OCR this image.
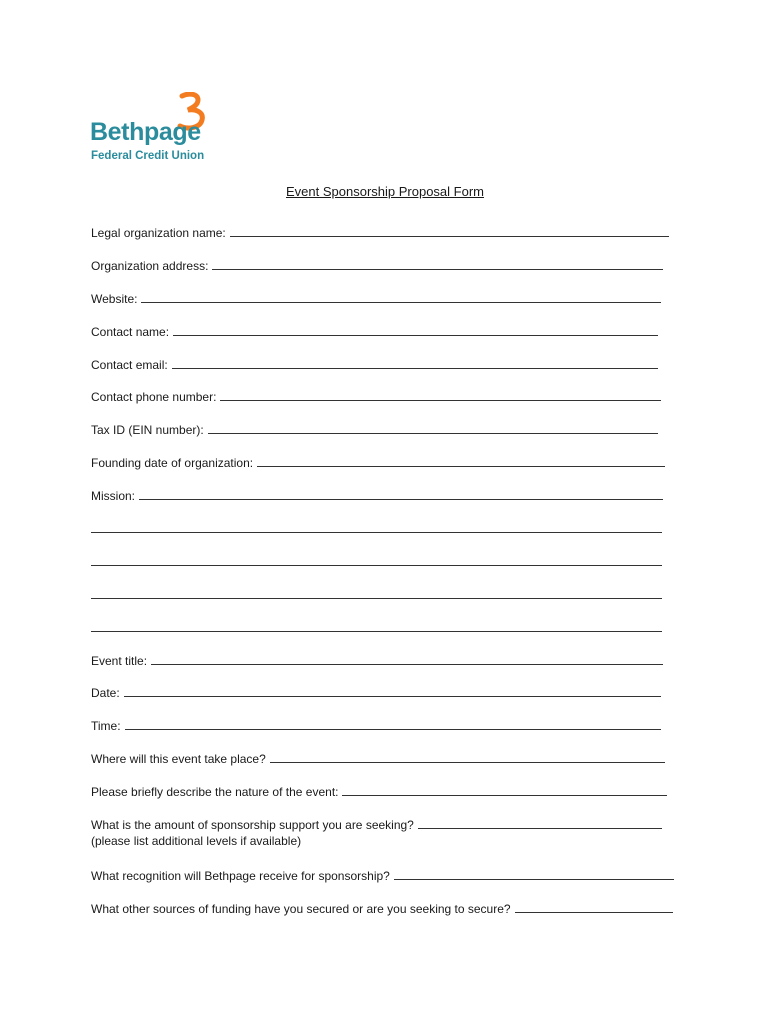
Bethpage
Federal Credit Union
Event Sponsorship Proposal Form
Legal organization name:
Organization address:
Website:
Contact name:
Contact email:
Contact phone number:
Tax ID (EIN number):
Founding date of organization:
Mission:
Event title:
Date:
Time:
Where will this event take place?
Please briefly describe the nature of the event:
What is the amount of sponsorship support you are seeking?
(please list additional levels if available)
What recognition will Bethpage receive for sponsorship?
What other sources of funding have you secured or are you seeking to secure?
